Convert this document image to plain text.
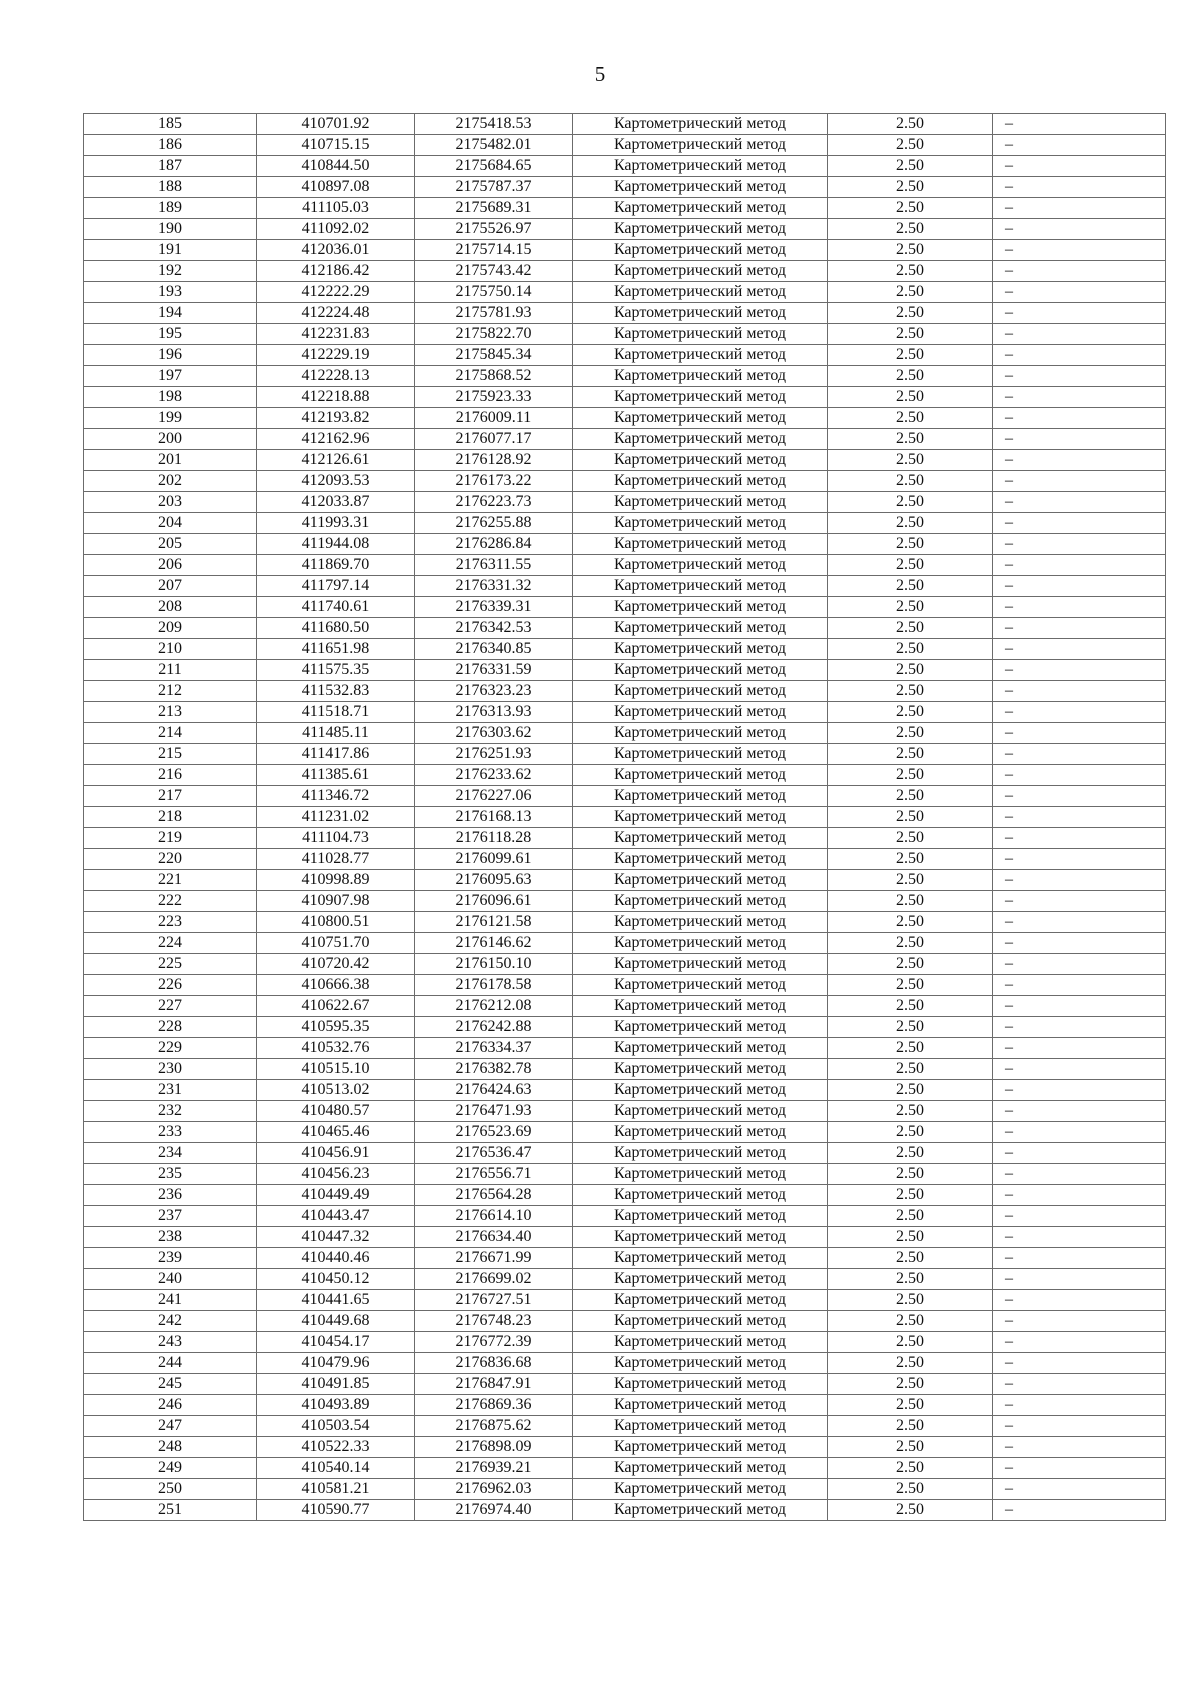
5
185	410701.92	2175418.53	Картометрический метод	2.50	–
186	410715.15	2175482.01	Картометрический метод	2.50	–
187	410844.50	2175684.65	Картометрический метод	2.50	–
188	410897.08	2175787.37	Картометрический метод	2.50	–
189	411105.03	2175689.31	Картометрический метод	2.50	–
190	411092.02	2175526.97	Картометрический метод	2.50	–
191	412036.01	2175714.15	Картометрический метод	2.50	–
192	412186.42	2175743.42	Картометрический метод	2.50	–
193	412222.29	2175750.14	Картометрический метод	2.50	–
194	412224.48	2175781.93	Картометрический метод	2.50	–
195	412231.83	2175822.70	Картометрический метод	2.50	–
196	412229.19	2175845.34	Картометрический метод	2.50	–
197	412228.13	2175868.52	Картометрический метод	2.50	–
198	412218.88	2175923.33	Картометрический метод	2.50	–
199	412193.82	2176009.11	Картометрический метод	2.50	–
200	412162.96	2176077.17	Картометрический метод	2.50	–
201	412126.61	2176128.92	Картометрический метод	2.50	–
202	412093.53	2176173.22	Картометрический метод	2.50	–
203	412033.87	2176223.73	Картометрический метод	2.50	–
204	411993.31	2176255.88	Картометрический метод	2.50	–
205	411944.08	2176286.84	Картометрический метод	2.50	–
206	411869.70	2176311.55	Картометрический метод	2.50	–
207	411797.14	2176331.32	Картометрический метод	2.50	–
208	411740.61	2176339.31	Картометрический метод	2.50	–
209	411680.50	2176342.53	Картометрический метод	2.50	–
210	411651.98	2176340.85	Картометрический метод	2.50	–
211	411575.35	2176331.59	Картометрический метод	2.50	–
212	411532.83	2176323.23	Картометрический метод	2.50	–
213	411518.71	2176313.93	Картометрический метод	2.50	–
214	411485.11	2176303.62	Картометрический метод	2.50	–
215	411417.86	2176251.93	Картометрический метод	2.50	–
216	411385.61	2176233.62	Картометрический метод	2.50	–
217	411346.72	2176227.06	Картометрический метод	2.50	–
218	411231.02	2176168.13	Картометрический метод	2.50	–
219	411104.73	2176118.28	Картометрический метод	2.50	–
220	411028.77	2176099.61	Картометрический метод	2.50	–
221	410998.89	2176095.63	Картометрический метод	2.50	–
222	410907.98	2176096.61	Картометрический метод	2.50	–
223	410800.51	2176121.58	Картометрический метод	2.50	–
224	410751.70	2176146.62	Картометрический метод	2.50	–
225	410720.42	2176150.10	Картометрический метод	2.50	–
226	410666.38	2176178.58	Картометрический метод	2.50	–
227	410622.67	2176212.08	Картометрический метод	2.50	–
228	410595.35	2176242.88	Картометрический метод	2.50	–
229	410532.76	2176334.37	Картометрический метод	2.50	–
230	410515.10	2176382.78	Картометрический метод	2.50	–
231	410513.02	2176424.63	Картометрический метод	2.50	–
232	410480.57	2176471.93	Картометрический метод	2.50	–
233	410465.46	2176523.69	Картометрический метод	2.50	–
234	410456.91	2176536.47	Картометрический метод	2.50	–
235	410456.23	2176556.71	Картометрический метод	2.50	–
236	410449.49	2176564.28	Картометрический метод	2.50	–
237	410443.47	2176614.10	Картометрический метод	2.50	–
238	410447.32	2176634.40	Картометрический метод	2.50	–
239	410440.46	2176671.99	Картометрический метод	2.50	–
240	410450.12	2176699.02	Картометрический метод	2.50	–
241	410441.65	2176727.51	Картометрический метод	2.50	–
242	410449.68	2176748.23	Картометрический метод	2.50	–
243	410454.17	2176772.39	Картометрический метод	2.50	–
244	410479.96	2176836.68	Картометрический метод	2.50	–
245	410491.85	2176847.91	Картометрический метод	2.50	–
246	410493.89	2176869.36	Картометрический метод	2.50	–
247	410503.54	2176875.62	Картометрический метод	2.50	–
248	410522.33	2176898.09	Картометрический метод	2.50	–
249	410540.14	2176939.21	Картометрический метод	2.50	–
250	410581.21	2176962.03	Картометрический метод	2.50	–
251	410590.77	2176974.40	Картометрический метод	2.50	–
